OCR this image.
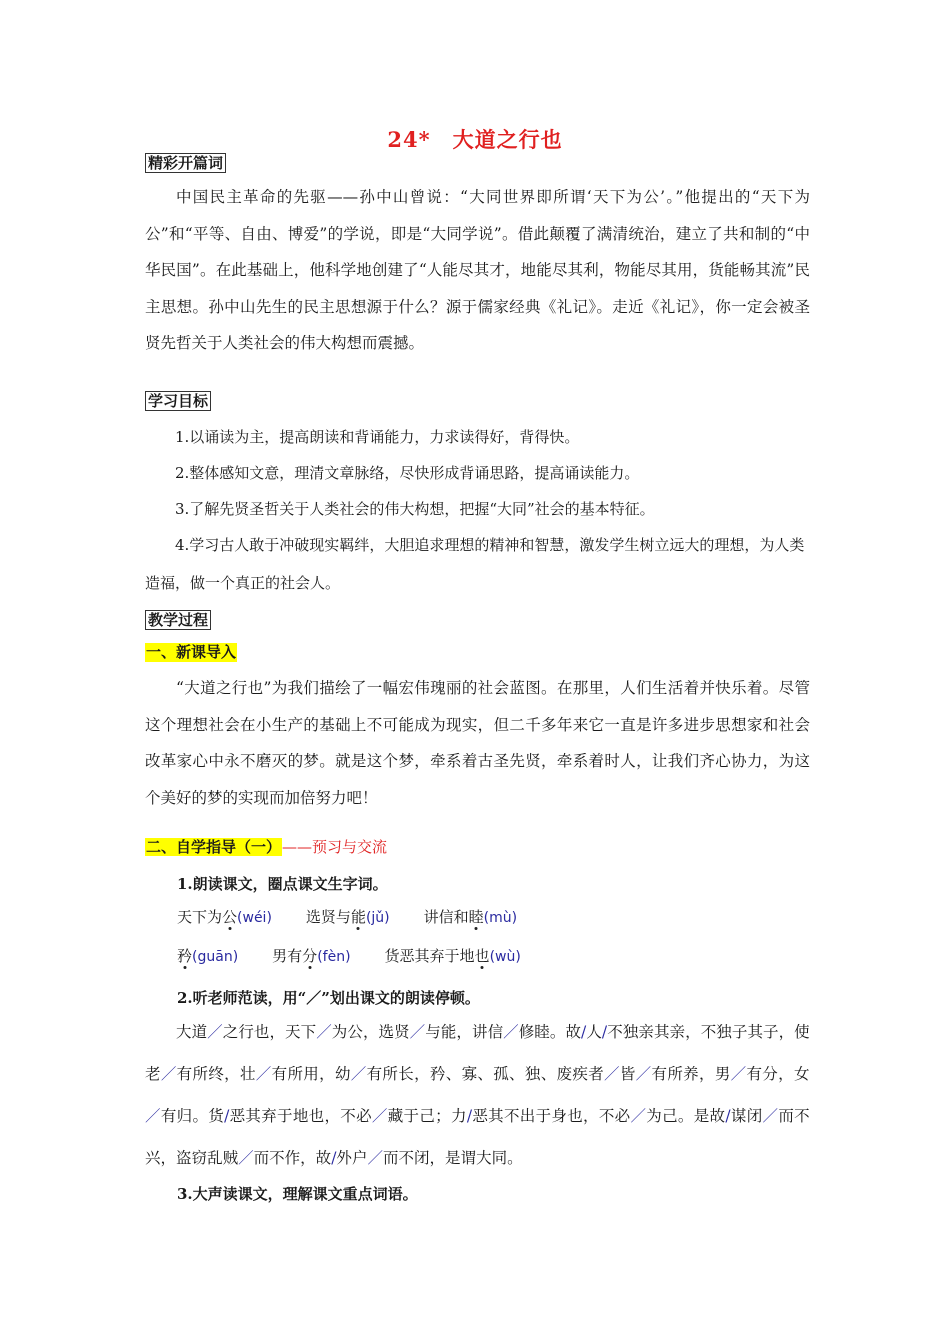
24*　大道之行也
精彩开篇词
中国民主革命的先驱——孙中山曾说：“大同世界即所谓‘天下为公’。”他提出的“天下为公”和“平等、自由、博爱”的学说，即是“大同学说”。借此颠覆了满清统治，建立了共和制的“中华民国”。在此基础上，他科学地创建了“人能尽其才，地能尽其利，物能尽其用，货能畅其流”民主思想。孙中山先生的民主思想源于什么？源于儒家经典《礼记》。走近《礼记》，你一定会被圣贤先哲关于人类社会的伟大构想而震撼。
学习目标
1.以诵读为主，提高朗读和背诵能力，力求读得好，背得快。
2.整体感知文意，理清文章脉络，尽快形成背诵思路，提高诵读能力。
3.了解先贤圣哲关于人类社会的伟大构想，把握“大同”社会的基本特征。
4.学习古人敢于冲破现实羁绊，大胆追求理想的精神和智慧，激发学生树立远大的理想，为人类造福，做一个真正的社会人。
教学过程
一、新课导入
“大道之行也”为我们描绘了一幅宏伟瑰丽的社会蓝图。在那里，人们生活着并快乐着。尽管这个理想社会在小生产的基础上不可能成为现实，但二千多年来它一直是许多进步思想家和社会改革家心中永不磨灭的梦。就是这个梦，牵系着古圣先贤，牵系着时人，让我们齐心协力，为这个美好的梦的实现而加倍努力吧！
二、自学指导（一）——预习与交流
1.朗读课文，圈点课文生字词。
天下为公(wéi) 选贤与能(jǔ) 讲信和睦(mù)
矜(guān) 男有分(fèn) 货恶其弃于地也(wù)
2.听老师范读，用“／”划出课文的朗读停顿。
大道／之行也，天下／为公，选贤／与能，讲信／修睦。故/人/不独亲其亲，不独子其子，使老／有所终，壮／有所用，幼／有所长，矜、寡、孤、独、废疾者／皆／有所养，男／有分，女／有归。货/恶其弃于地也，不必／藏于己；力/恶其不出于身也，不必／为己。是故/谋闭／而不兴，盗窃乱贼／而不作，故/外户／而不闭，是谓大同。
3.大声读课文，理解课文重点词语。
